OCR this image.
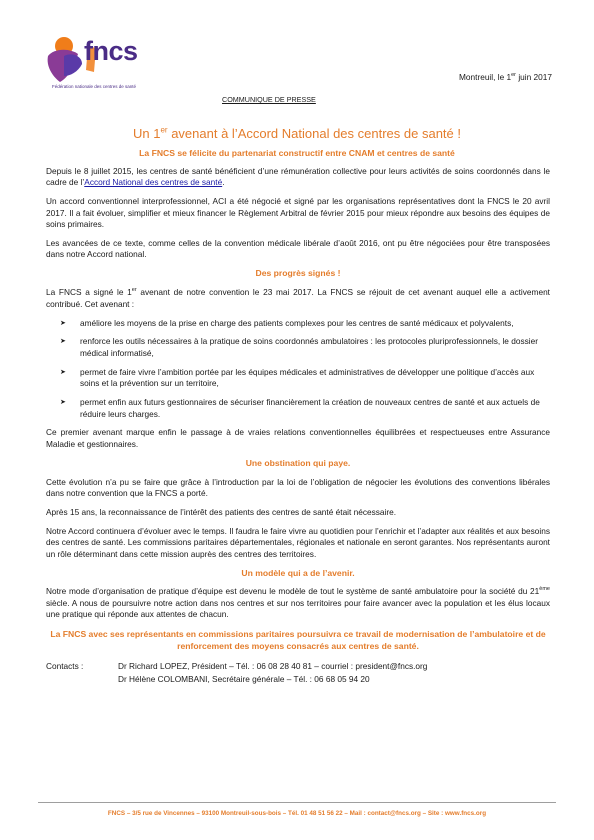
fncs
Fédération nationale des centres de santé
Montreuil, le 1er juin 2017
COMMUNIQUE DE PRESSE
Un 1er avenant à l’Accord National des centres de santé !
La FNCS se félicite du partenariat constructif entre CNAM et centres de santé

Depuis le 8 juillet 2015, les centres de santé bénéficient d’une rémunération collective pour leurs activités de soins coordonnés dans le cadre de l’Accord National des centres de santé.

Un accord conventionnel interprofessionnel, ACI a été négocié et signé par les organisations représentatives dont la FNCS le 20 avril 2017. Il a fait évoluer, simplifier et mieux financer le Règlement Arbitral de février 2015 pour mieux répondre aux besoins des équipes de soins primaires.

Les avancées de ce texte, comme celles de la convention médicale libérale d’août 2016, ont pu être négociées pour être transposées dans notre Accord national.

Des progrès signés !

La FNCS a signé le 1er avenant de notre convention le 23 mai 2017. La FNCS se réjouit de cet avenant auquel elle a activement contribué. Cet avenant :

➤ améliore les moyens de la prise en charge des patients complexes pour les centres de santé médicaux et polyvalents,
➤ renforce les outils nécessaires à la pratique de soins coordonnés ambulatoires : les protocoles pluriprofessionnels, le dossier médical informatisé,
➤ permet de faire vivre l’ambition portée par les équipes médicales et administratives de développer une politique d’accès aux soins et la prévention sur un territoire,
➤ permet enfin aux futurs gestionnaires de sécuriser financièrement la création de nouveaux centres de santé et aux actuels de réduire leurs charges.

Ce premier avenant marque enfin le passage à de vraies relations conventionnelles équilibrées et respectueuses entre Assurance Maladie et gestionnaires.

Une obstination qui paye.

Cette évolution n’a pu se faire que grâce à l’introduction par la loi de l’obligation de négocier les évolutions des conventions libérales dans notre convention que la FNCS a porté.

Après 15 ans, la reconnaissance de l’intérêt des patients des centres de santé était nécessaire.

Notre Accord continuera d’évoluer avec le temps. Il faudra le faire vivre au quotidien pour l’enrichir et l’adapter aux réalités et aux besoins des centres de santé. Les commissions paritaires départementales, régionales et nationale en seront garantes. Nos représentants auront un rôle déterminant dans cette mission auprès des centres des territoires.

Un modèle qui a de l’avenir.

Notre mode d’organisation de pratique d’équipe est devenu le modèle de tout le système de santé ambulatoire pour la société du 21ème siècle. A nous de poursuivre notre action dans nos centres et sur nos territoires pour faire avancer avec la population et les élus locaux une pratique qui réponde aux attentes de chacun.

La FNCS avec ses représentants en commissions paritaires poursuivra ce travail de modernisation de l’ambulatoire et de renforcement des moyens consacrés aux centres de santé.
Contacts :	Dr Richard LOPEZ, Président – Tél. : 06 08 28 40 81 – courriel : president@fncs.org
Dr Hélène COLOMBANI, Secrétaire générale – Tél. : 06 68 05 94 20
FNCS – 3/5 rue de Vincennes – 93100 Montreuil-sous-bois – Tél. 01 48 51 56 22 – Mail : contact@fncs.org – Site : www.fncs.org
